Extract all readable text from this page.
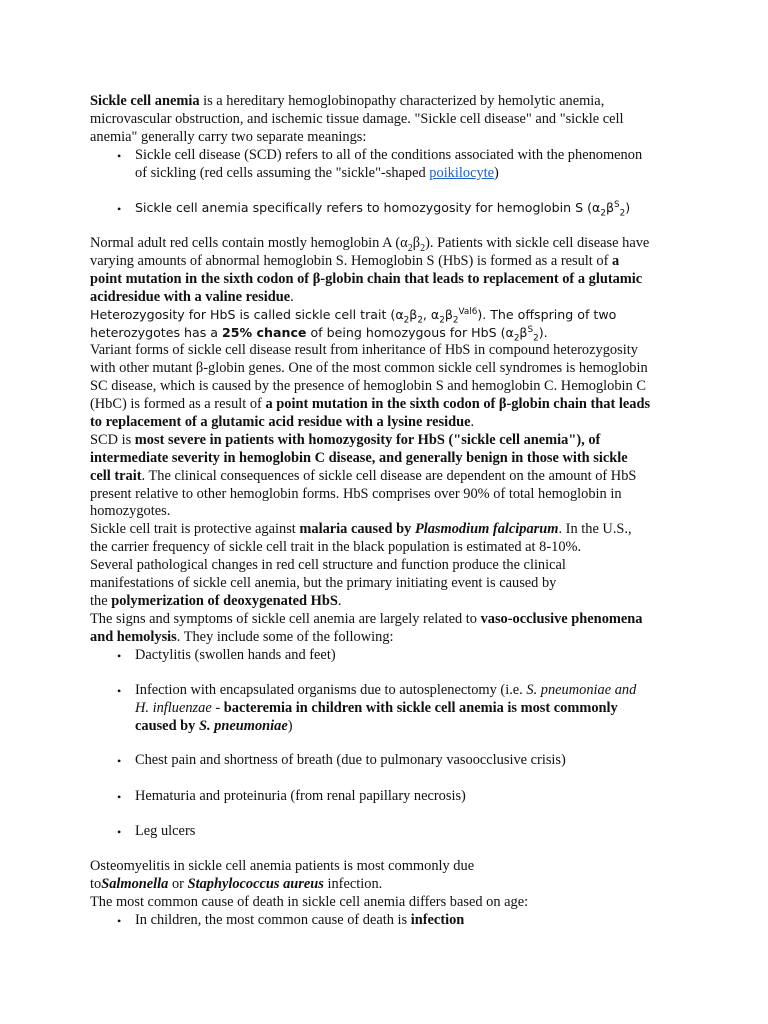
Sickle cell anemia is a hereditary hemoglobinopathy characterized by hemolytic anemia,
microvascular obstruction, and ischemic tissue damage. "Sickle cell disease" and "sickle cell
anemia" generally carry two separate meanings:
• Sickle cell disease (SCD) refers to all of the conditions associated with the phenomenon
of sickling (red cells assuming the "sickle"-shaped poikilocyte)
• Sickle cell anemia specifically refers to homozygosity for hemoglobin S $(\alpha_2\beta^S_2)$
Normal adult red cells contain mostly hemoglobin A $(\alpha_2\beta_2)$. Patients with sickle cell disease have
varying amounts of abnormal hemoglobin S. Hemoglobin S (HbS) is formed as a result of a
point mutation in the sixth codon of β-globin chain that leads to replacement of a glutamic
acidresidue with a valine residue.
Heterozygosity for HbS is called sickle cell trait ($\alpha_2\beta_2$, $\alpha_2\beta_2^{Val6}$). The offspring of two
heterozygotes has a 25% chance of being homozygous for HbS $(\alpha_2\beta^S_2)$.
Variant forms of sickle cell disease result from inheritance of HbS in compound heterozygosity
with other mutant β-globin genes. One of the most common sickle cell syndromes is hemoglobin
SC disease, which is caused by the presence of hemoglobin S and hemoglobin C. Hemoglobin C
(HbC) is formed as a result of a point mutation in the sixth codon of β-globin chain that leads
to replacement of a glutamic acid residue with a lysine residue.
SCD is most severe in patients with homozygosity for HbS ("sickle cell anemia"), of
intermediate severity in hemoglobin C disease, and generally benign in those with sickle
cell trait. The clinical consequences of sickle cell disease are dependent on the amount of HbS
present relative to other hemoglobin forms. HbS comprises over 90% of total hemoglobin in
homozygotes.
Sickle cell trait is protective against malaria caused by Plasmodium falciparum. In the U.S.,
the carrier frequency of sickle cell trait in the black population is estimated at 8-10%.
Several pathological changes in red cell structure and function produce the clinical
manifestations of sickle cell anemia, but the primary initiating event is caused by
the polymerization of deoxygenated HbS.
The signs and symptoms of sickle cell anemia are largely related to vaso-occlusive phenomena
and hemolysis. They include some of the following:
• Dactylitis (swollen hands and feet)
• Infection with encapsulated organisms due to autosplenectomy (i.e. S. pneumoniae and
H. influenzae - bacteremia in children with sickle cell anemia is most commonly
caused by S. pneumoniae)
• Chest pain and shortness of breath (due to pulmonary vasoocclusive crisis)
• Hematuria and proteinuria (from renal papillary necrosis)
• Leg ulcers
Osteomyelitis in sickle cell anemia patients is most commonly due
toSalmonella or Staphylococcus aureus infection.
The most common cause of death in sickle cell anemia differs based on age:
• In children, the most common cause of death is infection
